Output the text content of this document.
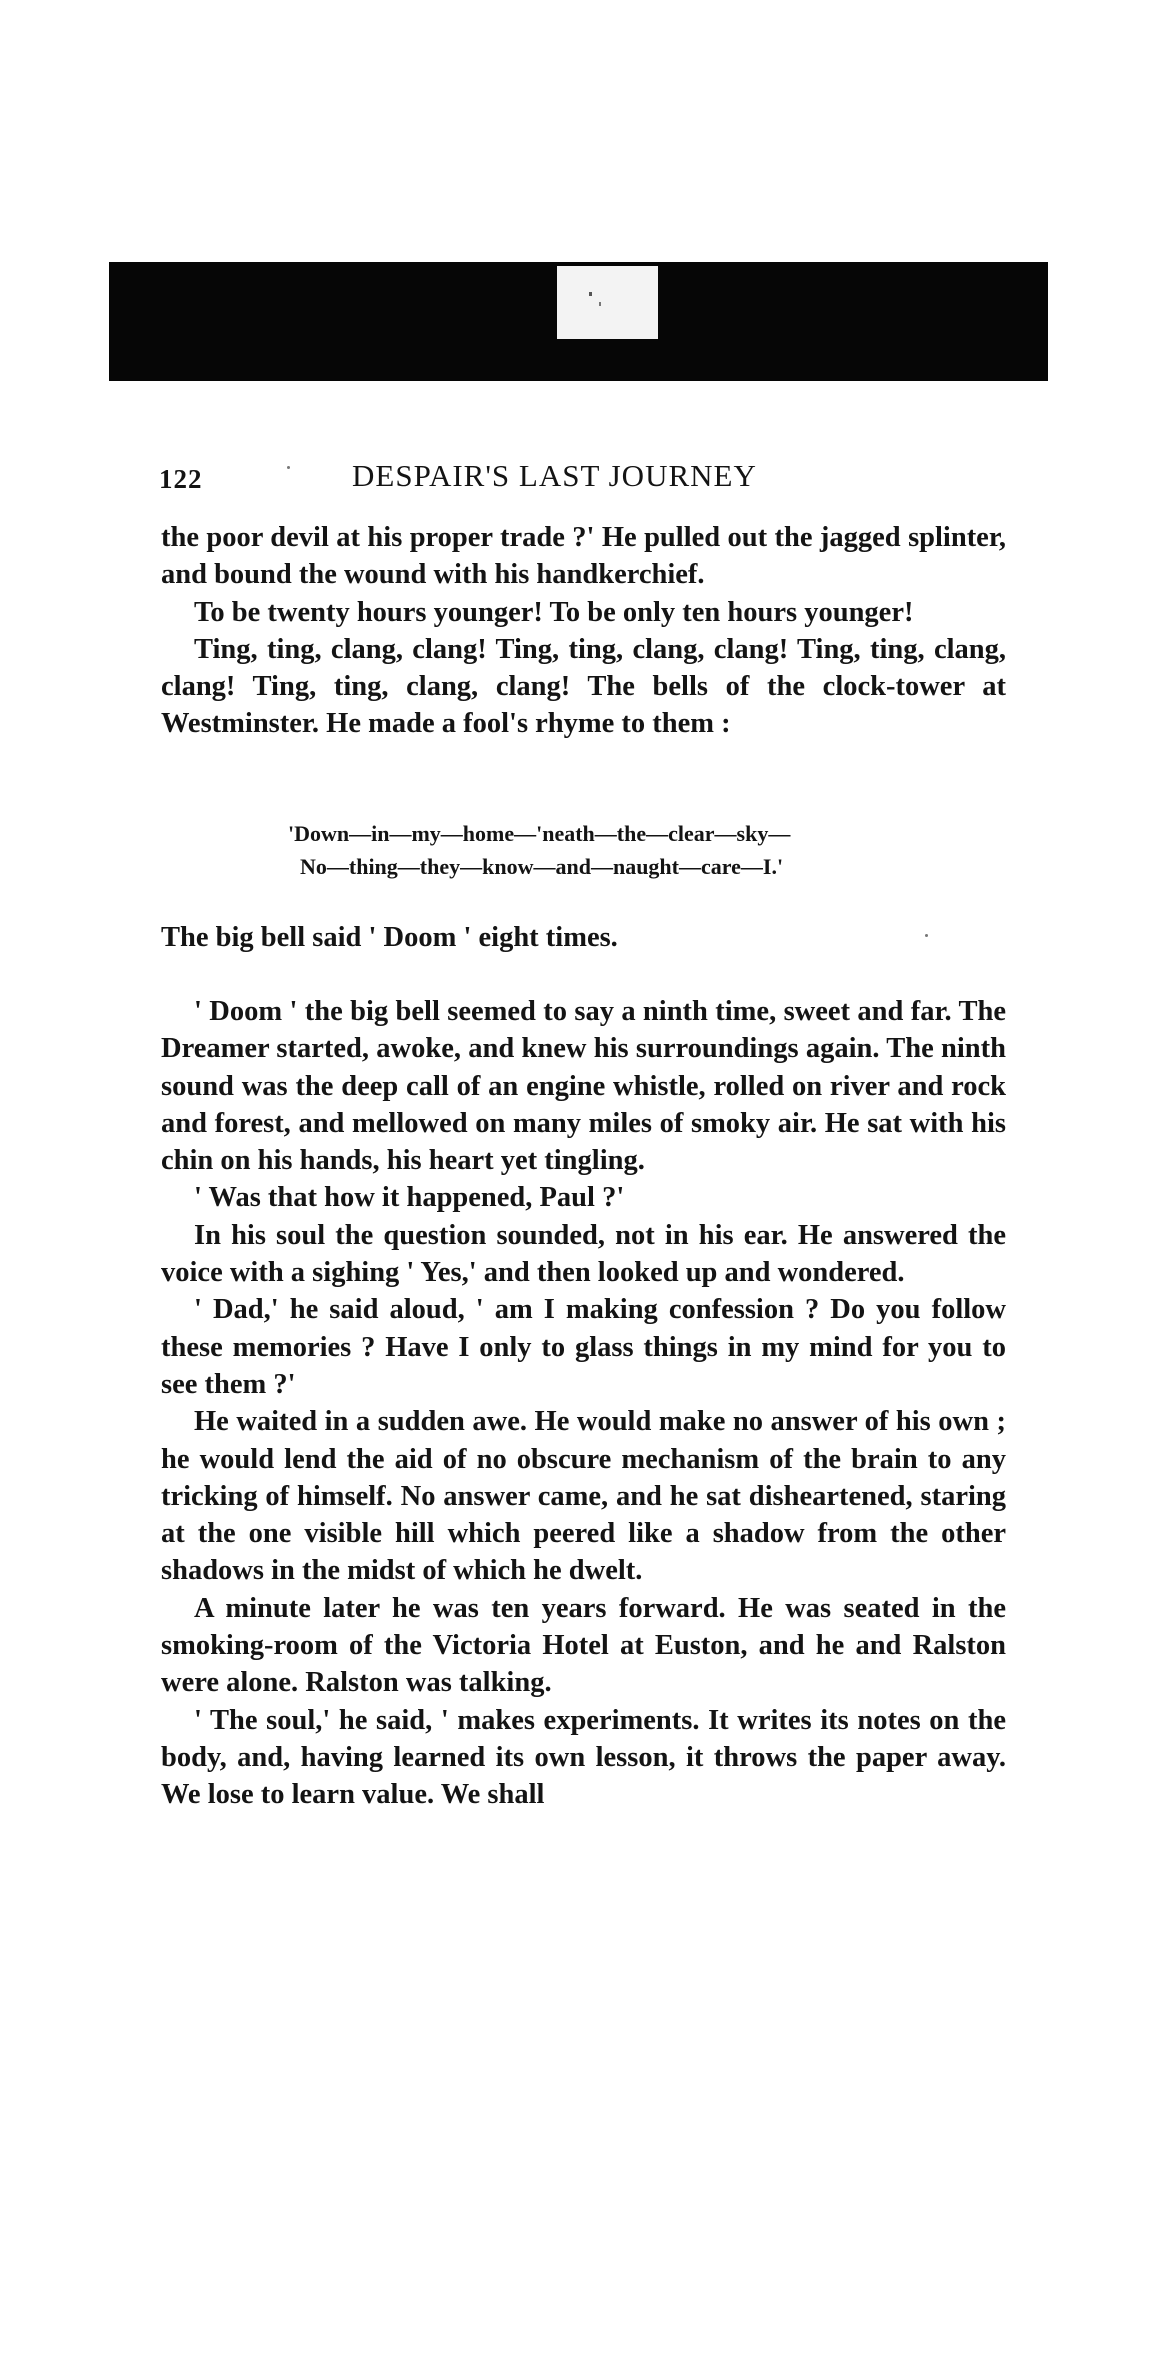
122	DESPAIR'S LAST JOURNEY

the poor devil at his proper trade ?' He pulled out the jagged splinter, and bound the wound with his handkerchief.

To be twenty hours younger! To be only ten hours younger!

Ting, ting, clang, clang! Ting, ting, clang, clang! Ting, ting, clang, clang! Ting, ting, clang, clang! The bells of the clock-tower at Westminster. He made a fool's rhyme to them :

'Down—in—my—home—'neath—the—clear—sky—
No—thing—they—know—and—naught—care—I.'
The big bell said ' Doom ' eight times.

' Doom ' the big bell seemed to say a ninth time, sweet and far. The Dreamer started, awoke, and knew his surroundings again. The ninth sound was the deep call of an engine whistle, rolled on river and rock and forest, and mellowed on many miles of smoky air. He sat with his chin on his hands, his heart yet tingling.

' Was that how it happened, Paul ?'

In his soul the question sounded, not in his ear. He answered the voice with a sighing ' Yes,' and then looked up and wondered.

' Dad,' he said aloud, ' am I making confession ? Do you follow these memories ? Have I only to glass things in my mind for you to see them ?'

He waited in a sudden awe. He would make no answer of his own ; he would lend the aid of no obscure mechanism of the brain to any tricking of himself. No answer came, and he sat disheartened, staring at the one visible hill which peered like a shadow from the other shadows in the midst of which he dwelt.

A minute later he was ten years forward. He was seated in the smoking-room of the Victoria Hotel at Euston, and he and Ralston were alone. Ralston was talking.

' The soul,' he said, ' makes experiments. It writes its notes on the body, and, having learned its own lesson, it throws the paper away. We lose to learn value. We shall
